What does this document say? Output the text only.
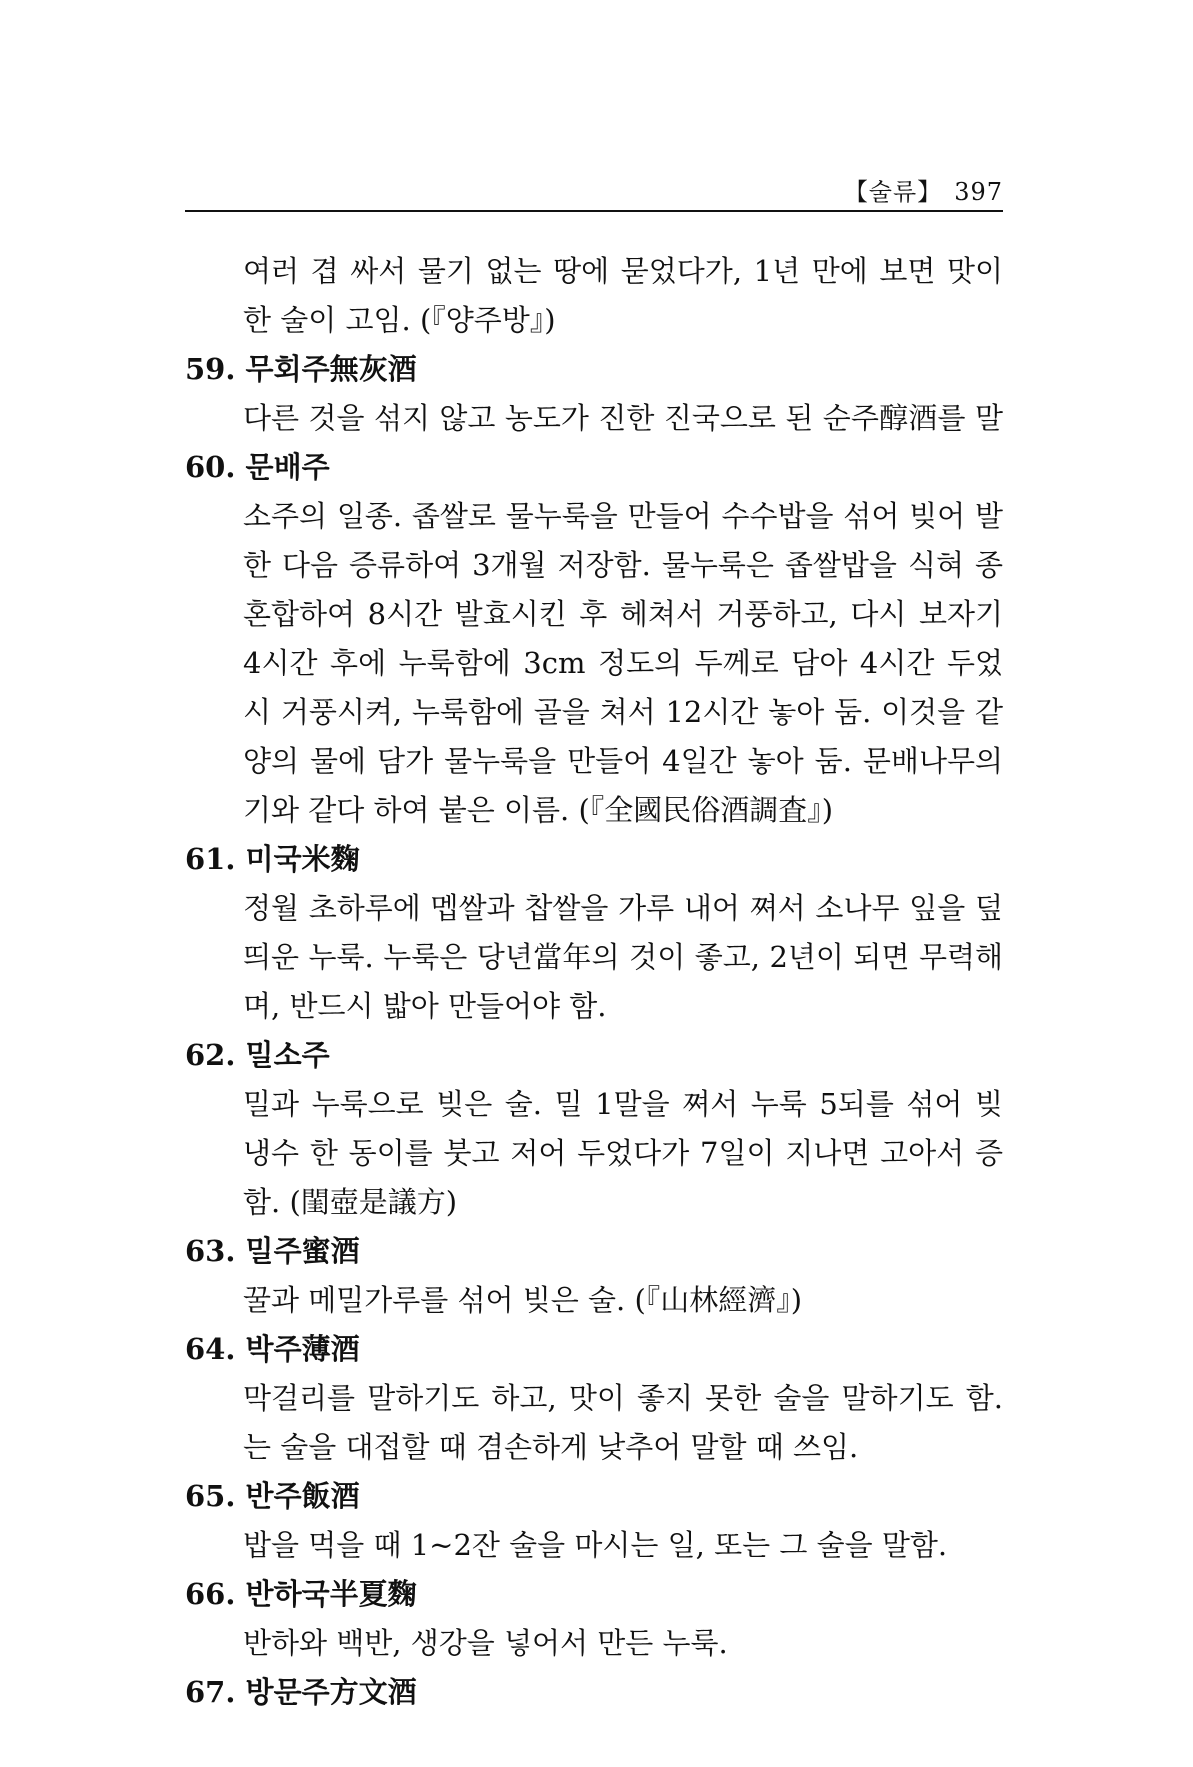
【술류】 397
여러 겹 싸서 물기 없는 땅에 묻었다가, 1년 만에 보면 맛이
한 술이 고임. (『양주방』)
59. 무회주無灰酒
다른 것을 섞지 않고 농도가 진한 진국으로 된 순주醇酒를 말
60. 문배주
소주의 일종. 좁쌀로 물누룩을 만들어 수수밥을 섞어 빚어 발
한 다음 증류하여 3개월 저장함. 물누룩은 좁쌀밥을 식혀 종
혼합하여 8시간 발효시킨 후 헤쳐서 거풍하고, 다시 보자기
4시간 후에 누룩함에 3cm 정도의 두께로 담아 4시간 두었
시 거풍시켜, 누룩함에 골을 쳐서 12시간 놓아 둠. 이것을 같
양의 물에 담가 물누룩을 만들어 4일간 놓아 둠. 문배나무의
기와 같다 하여 붙은 이름. (『全國民俗酒調査』)
61. 미국米麴
정월 초하루에 멥쌀과 찹쌀을 가루 내어 쪄서 소나무 잎을 덮
띄운 누룩. 누룩은 당년當年의 것이 좋고, 2년이 되면 무력해
며, 반드시 밟아 만들어야 함.
62. 밀소주
밀과 누룩으로 빚은 술. 밀 1말을 쪄서 누룩 5되를 섞어 빚
냉수 한 동이를 붓고 저어 두었다가 7일이 지나면 고아서 증
함. (閨壺是議方)
63. 밀주蜜酒
꿀과 메밀가루를 섞어 빚은 술. (『山林經濟』)
64. 박주薄酒
막걸리를 말하기도 하고, 맛이 좋지 못한 술을 말하기도 함.
는 술을 대접할 때 겸손하게 낮추어 말할 때 쓰임.
65. 반주飯酒
밥을 먹을 때 1~2잔 술을 마시는 일, 또는 그 술을 말함.
66. 반하국半夏麴
반하와 백반, 생강을 넣어서 만든 누룩.
67. 방문주方文酒
